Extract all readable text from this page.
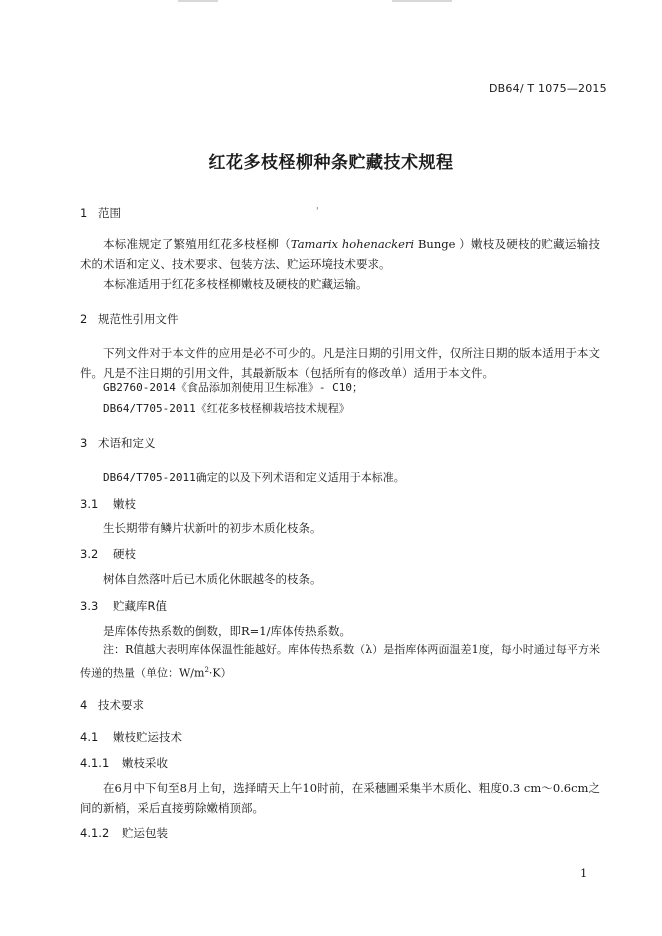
DB64/ T 1075—2015
红花多枝柽柳种条贮藏技术规程
1 范围	'
本标准规定了繁殖用红花多枝柽柳（Tamarix hohenackeri Bunge ）嫩枝及硬枝的贮藏运输技术的术语和定义、技术要求、包装方法、贮运环境技术要求。
本标准适用于红花多枝柽柳嫩枝及硬枝的贮藏运输。
2 规范性引用文件
下列文件对于本文件的应用是必不可少的。凡是注日期的引用文件，仅所注日期的版本适用于本文件。凡是不注日期的引用文件，其最新版本（包括所有的修改单）适用于本文件。
GB2760-2014《食品添加剂使用卫生标准》- C10；
DB64/T705-2011《红花多枝柽柳栽培技术规程》
3 术语和定义
DB64/T705-2011确定的以及下列术语和定义适用于本标准。
3.1 嫩枝
生长期带有鳞片状新叶的初步木质化枝条。
3.2 硬枝
树体自然落叶后已木质化休眠越冬的枝条。
3.3 贮藏库R值
是库体传热系数的倒数，即R=1/库体传热系数。
注：R值越大表明库体保温性能越好。库体传热系数（λ）是指库体两面温差1度，每小时通过每平方米传递的热量（单位：$W/m^2\cdot K$）
4 技术要求
4.1 嫩枝贮运技术
4.1.1 嫩枝采收
在6月中下旬至8月上旬，选择晴天上午10时前，在采穗圃采集半木质化、粗度0.3 cm～0.6cm之间的新梢，采后直接剪除嫩梢顶部。
4.1.2 贮运包装
1
